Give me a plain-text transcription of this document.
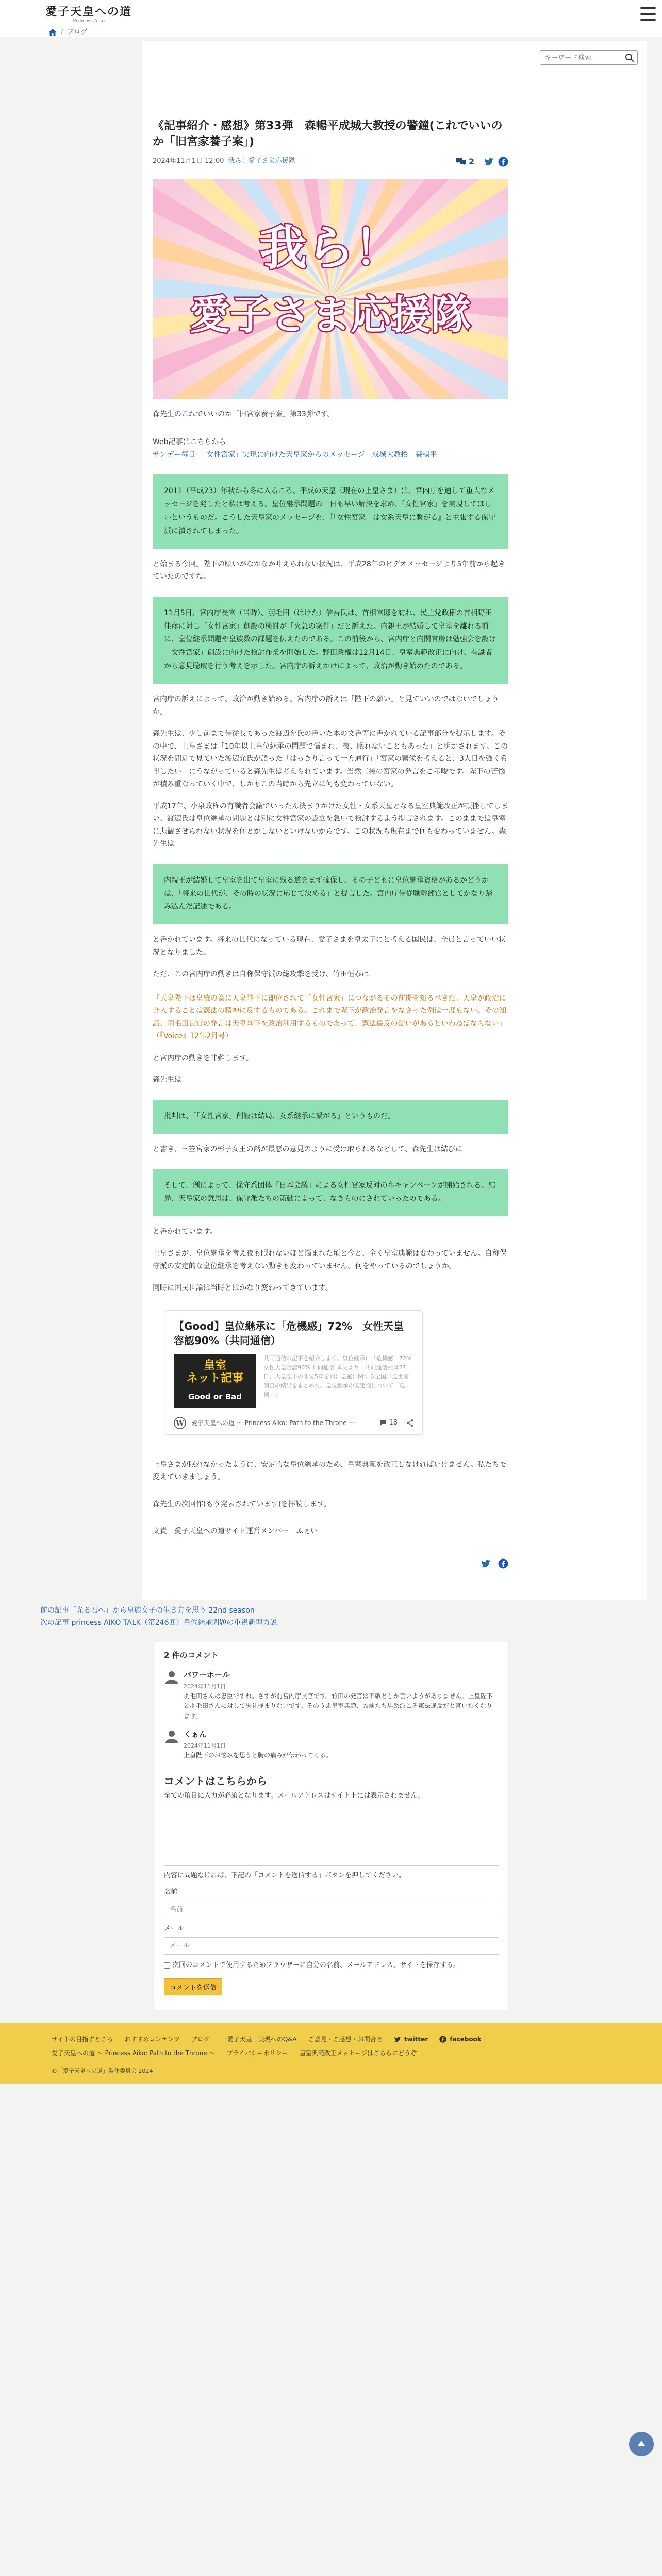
愛子天皇への道
Princess Aiko
/ ブログ
キーワード検索
《記事紹介・感想》第33弾　森暢平成城大教授の警鐘(これでいいのか「旧宮家養子案」)
2024年11月1日 12:00 我ら！愛子さま応援隊	2
我ら！
愛子さま応援隊

森先生のこれでいいのか「旧宮家養子案」第33弾です。

Web記事はこちらから

サンデー毎日：「女性宮家」実現に向けた天皇家からのメッセージ　成城大教授　森暢平

2011（平成23）年秋から冬に入るころ、平成の天皇（現在の上皇さま）は、宮内庁を通して重大なメッセージを発したと私は考える。皇位継承問題の一日も早い解決を求め、「女性宮家」を実現してほしいというものだ。こうした天皇家のメッセージを、『「女性宮家」は女系天皇に繋がる』と主張する保守派に潰されてしまった。

と始まる今回。陛下の願いがなかなか叶えられない状況は、平成28年のビデオメッセージより5年前から起きていたのですね。

11月5日、宮内庁長官（当時）、羽毛田（はけた）信吾氏は、首相官邸を訪れ、民主党政権の首相野田佳彦に対し「女性宮家」創設の検討が「火急の案件」だと訴えた。内親王が結婚して皇室を離れる前に、皇位継承問題や皇族数の課題を伝えたのである。この前後から、宮内庁と内閣官房は勉強会を設け「女性宮家」創設に向けた検討作業を開始した。野田政権は12月14日、皇室典範改正に向け、有識者から意見聴取を行う考えを示した。宮内庁の訴えかけによって、政治が動き始めたのである。

宮内庁の訴えによって、政治が動き始める。宮内庁の訴えは「陛下の願い」と見ていいのではないでしょうか。

森先生は、少し前まで侍従長であった渡辺允氏の書いた本の文書等に書かれている記事部分を提示します。その中で、上皇さまは「10年以上皇位継承の問題で悩まれ、夜、眠れないこともあった」と明かされます。この状況を間近で見ていた渡辺允氏が語った「はっきり言って一方通行」「宮家の繁栄を考えると、3人目を強く希望したい」にうながっていると森先生は考えられています。当然直接の宮家の発言をご示唆です。陛下の苦悩が積み重なっていく中で、しかもこの当時から先立に何も変わっていない。

平成17年、小泉政権の有識者会議でいったん決まりかけた女性・女系天皇となる皇室典範改正が頓挫してしまい、渡辺氏は皇位継承の問題とは別に女性宮家の設立を急いで検討するよう提言されます。このままでは皇室に悲観させられない状況を何とかしないといけないからです。この状況も現在まで何も変わっていません。森先生は

内親王が結婚して皇室を出て皇室に残る道をまず確保し、その子どもに皇位継承資格があるかどうかは、「将来の世代が、その時の状況に応じて決める」と提言した。宮内庁侍従職幹部官としてかなり踏み込んだ記述である。

と書かれています。将来の世代になっている現在、愛子さまを皇太子にと考える国民は、全員と言っていい状況となりました。

ただ、この宮内庁の動きは自称保守派の総攻撃を受け、竹田恒泰は

「天皇陛下は皇統の為に天皇陛下に即位されて「女性宮家」につながるその前提を知るべきだ。天皇が政治に介入することは憲法の精神に反するものである。これまで陛下が政治発言をなさった例は一度もない。その知識、羽毛田長官の発言は天皇陛下を政治利用するものであって、憲法違反の疑いがあるといわねばならない」（『Voice』12年2月号）

と宮内庁の動きを非難します。

森先生は

批判は、「「女性宮家」創設は結局、女系継承に繋がる」というものだ。

と書き、三笠宮家の彬子女王の話が最悪の意見のように受け取られるなどして、森先生は結びに

そして、例によって、保守系団体「日本会議」による女性宮家反対のネキャンペーンが開始される。結局、天皇家の意思は、保守派たちの策動によって、なきものにされていったのである。

と書かれています。

上皇さまが、皇位継承を考え夜も眠れないほど悩まれた頃と今と、全く皇室典範は変わっていません。自称保守派の安定的な皇位継承を考えない動きも変わっていません。何をやっているのでしょうか。

同時に国民世論は当時とはかなり変わってきています。

【Good】皇位継承に「危機感」72%　女性天皇容認90%（共同通信）
皇室
ネット記事
Good or Bad
共同通信の記事を紹介します。皇位継承に「危機感」72%　女性天皇容認90% 共同通信 本文より　共同通信社は27日、天皇陛下の即位5年を前に皇室に関する全国郵送世論調査の結果をまとめた。皇位継承の安定性について「危機...」
W 愛子天皇への道 〜 Princess Aiko: Path to the Throne 〜	18

上皇さまが眠れなかったように、安定的な皇位継承のため、皇室典範を改正しなければいけません。私たちで変えていきましょう。

森先生の次回作(もう発表されています)を拝読します。

文責　愛子天皇への道サイト運営メンバー　ふぇい

前の記事「光る君へ」から皇族女子の生き方を思う 22nd season
次の記事 princess AIKO TALK（第246回）皇位継承問題の重視新型力説
2 件のコメント
パワーホール
2024年11月1日
羽毛田さんは忠臣ですね。さすが前宮内庁長官です。竹田の発言は不敬としか言いようがありません。上皇陛下と羽毛田さんに対して失礼極まりないです。そのうえ皇室典範、お前たち男系派こそ憲法違反だと言いたくなります。
くぁん
2024年11月1日
上皇陛下のお悩みを思うと胸の痛みが伝わってくる。
コメントはこちらから
全ての項目に入力が必須となります。メールアドレスはサイト上には表示されません。
内容に問題なければ、下記の「コメントを送信する」ボタンを押してください。
名前
名前
メール
メール
次回のコメントで使用するためブラウザーに自分の名前、メールアドレス、サイトを保存する。
コメントを送信
サイトの目指すところ おすすめコンテンツ ブログ 「愛子天皇」実現へのQ&A ご意見・ご感想・お問合せ	twitter	facebook
愛子天皇への道 〜 Princess Aiko: Path to the Throne 〜 プライバシーポリシー 皇室典範改正メッセージはこちらにどうぞ
©「愛子天皇への道」製作委員会 2024
